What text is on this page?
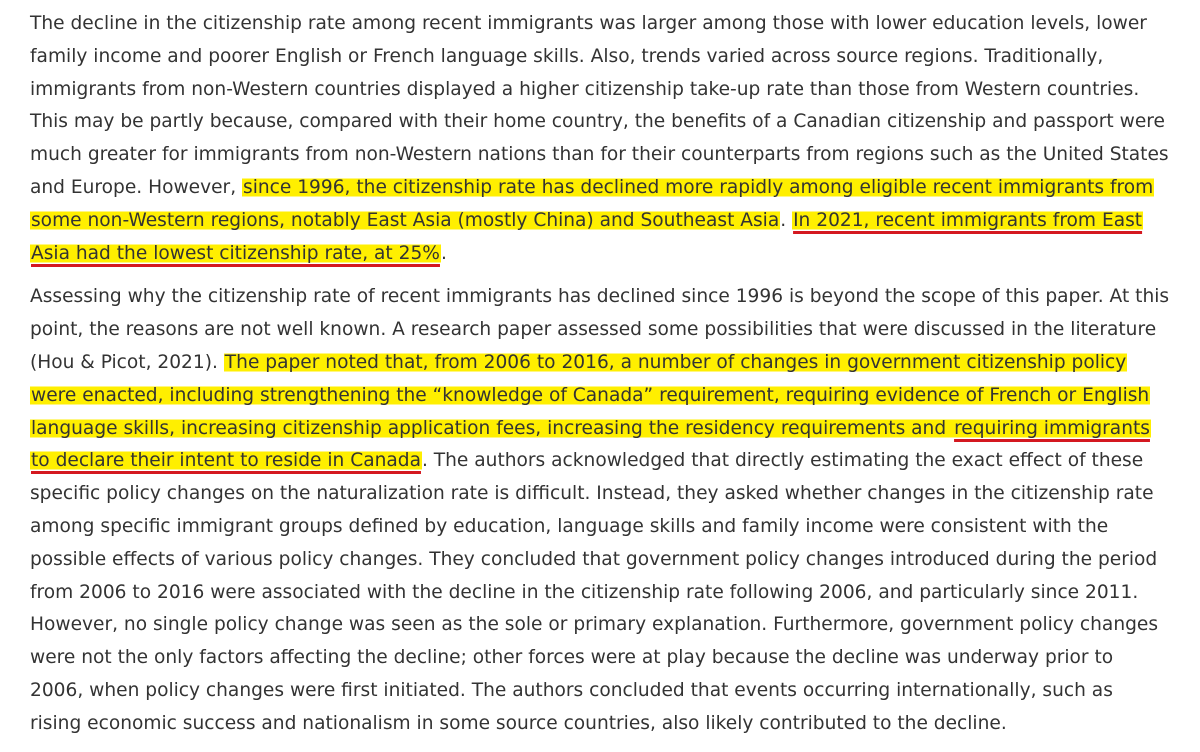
The decline in the citizenship rate among recent immigrants was larger among those with lower education levels, lower family income and poorer English or French language skills. Also, trends varied across source regions. Traditionally, immigrants from non-Western countries displayed a higher citizenship take-up rate than those from Western countries. This may be partly because, compared with their home country, the benefits of a Canadian citizenship and passport were much greater for immigrants from non-Western nations than for their counterparts from regions such as the United States and Europe. However, since 1996, the citizenship rate has declined more rapidly among eligible recent immigrants from some non-Western regions, notably East Asia (mostly China) and Southeast Asia. In 2021, recent immigrants from East Asia had the lowest citizenship rate, at 25%.

Assessing why the citizenship rate of recent immigrants has declined since 1996 is beyond the scope of this paper. At this point, the reasons are not well known. A research paper assessed some possibilities that were discussed in the literature (Hou & Picot, 2021). The paper noted that, from 2006 to 2016, a number of changes in government citizenship policy were enacted, including strengthening the “knowledge of Canada” requirement, requiring evidence of French or English language skills, increasing citizenship application fees, increasing the residency requirements and requiring immigrants to declare their intent to reside in Canada. The authors acknowledged that directly estimating the exact effect of these specific policy changes on the naturalization rate is difficult. Instead, they asked whether changes in the citizenship rate among specific immigrant groups defined by education, language skills and family income were consistent with the possible effects of various policy changes. They concluded that government policy changes introduced during the period from 2006 to 2016 were associated with the decline in the citizenship rate following 2006, and particularly since 2011. However, no single policy change was seen as the sole or primary explanation. Furthermore, government policy changes were not the only factors affecting the decline; other forces were at play because the decline was underway prior to 2006, when policy changes were first initiated. The authors concluded that events occurring internationally, such as rising economic success and nationalism in some source countries, also likely contributed to the decline.
